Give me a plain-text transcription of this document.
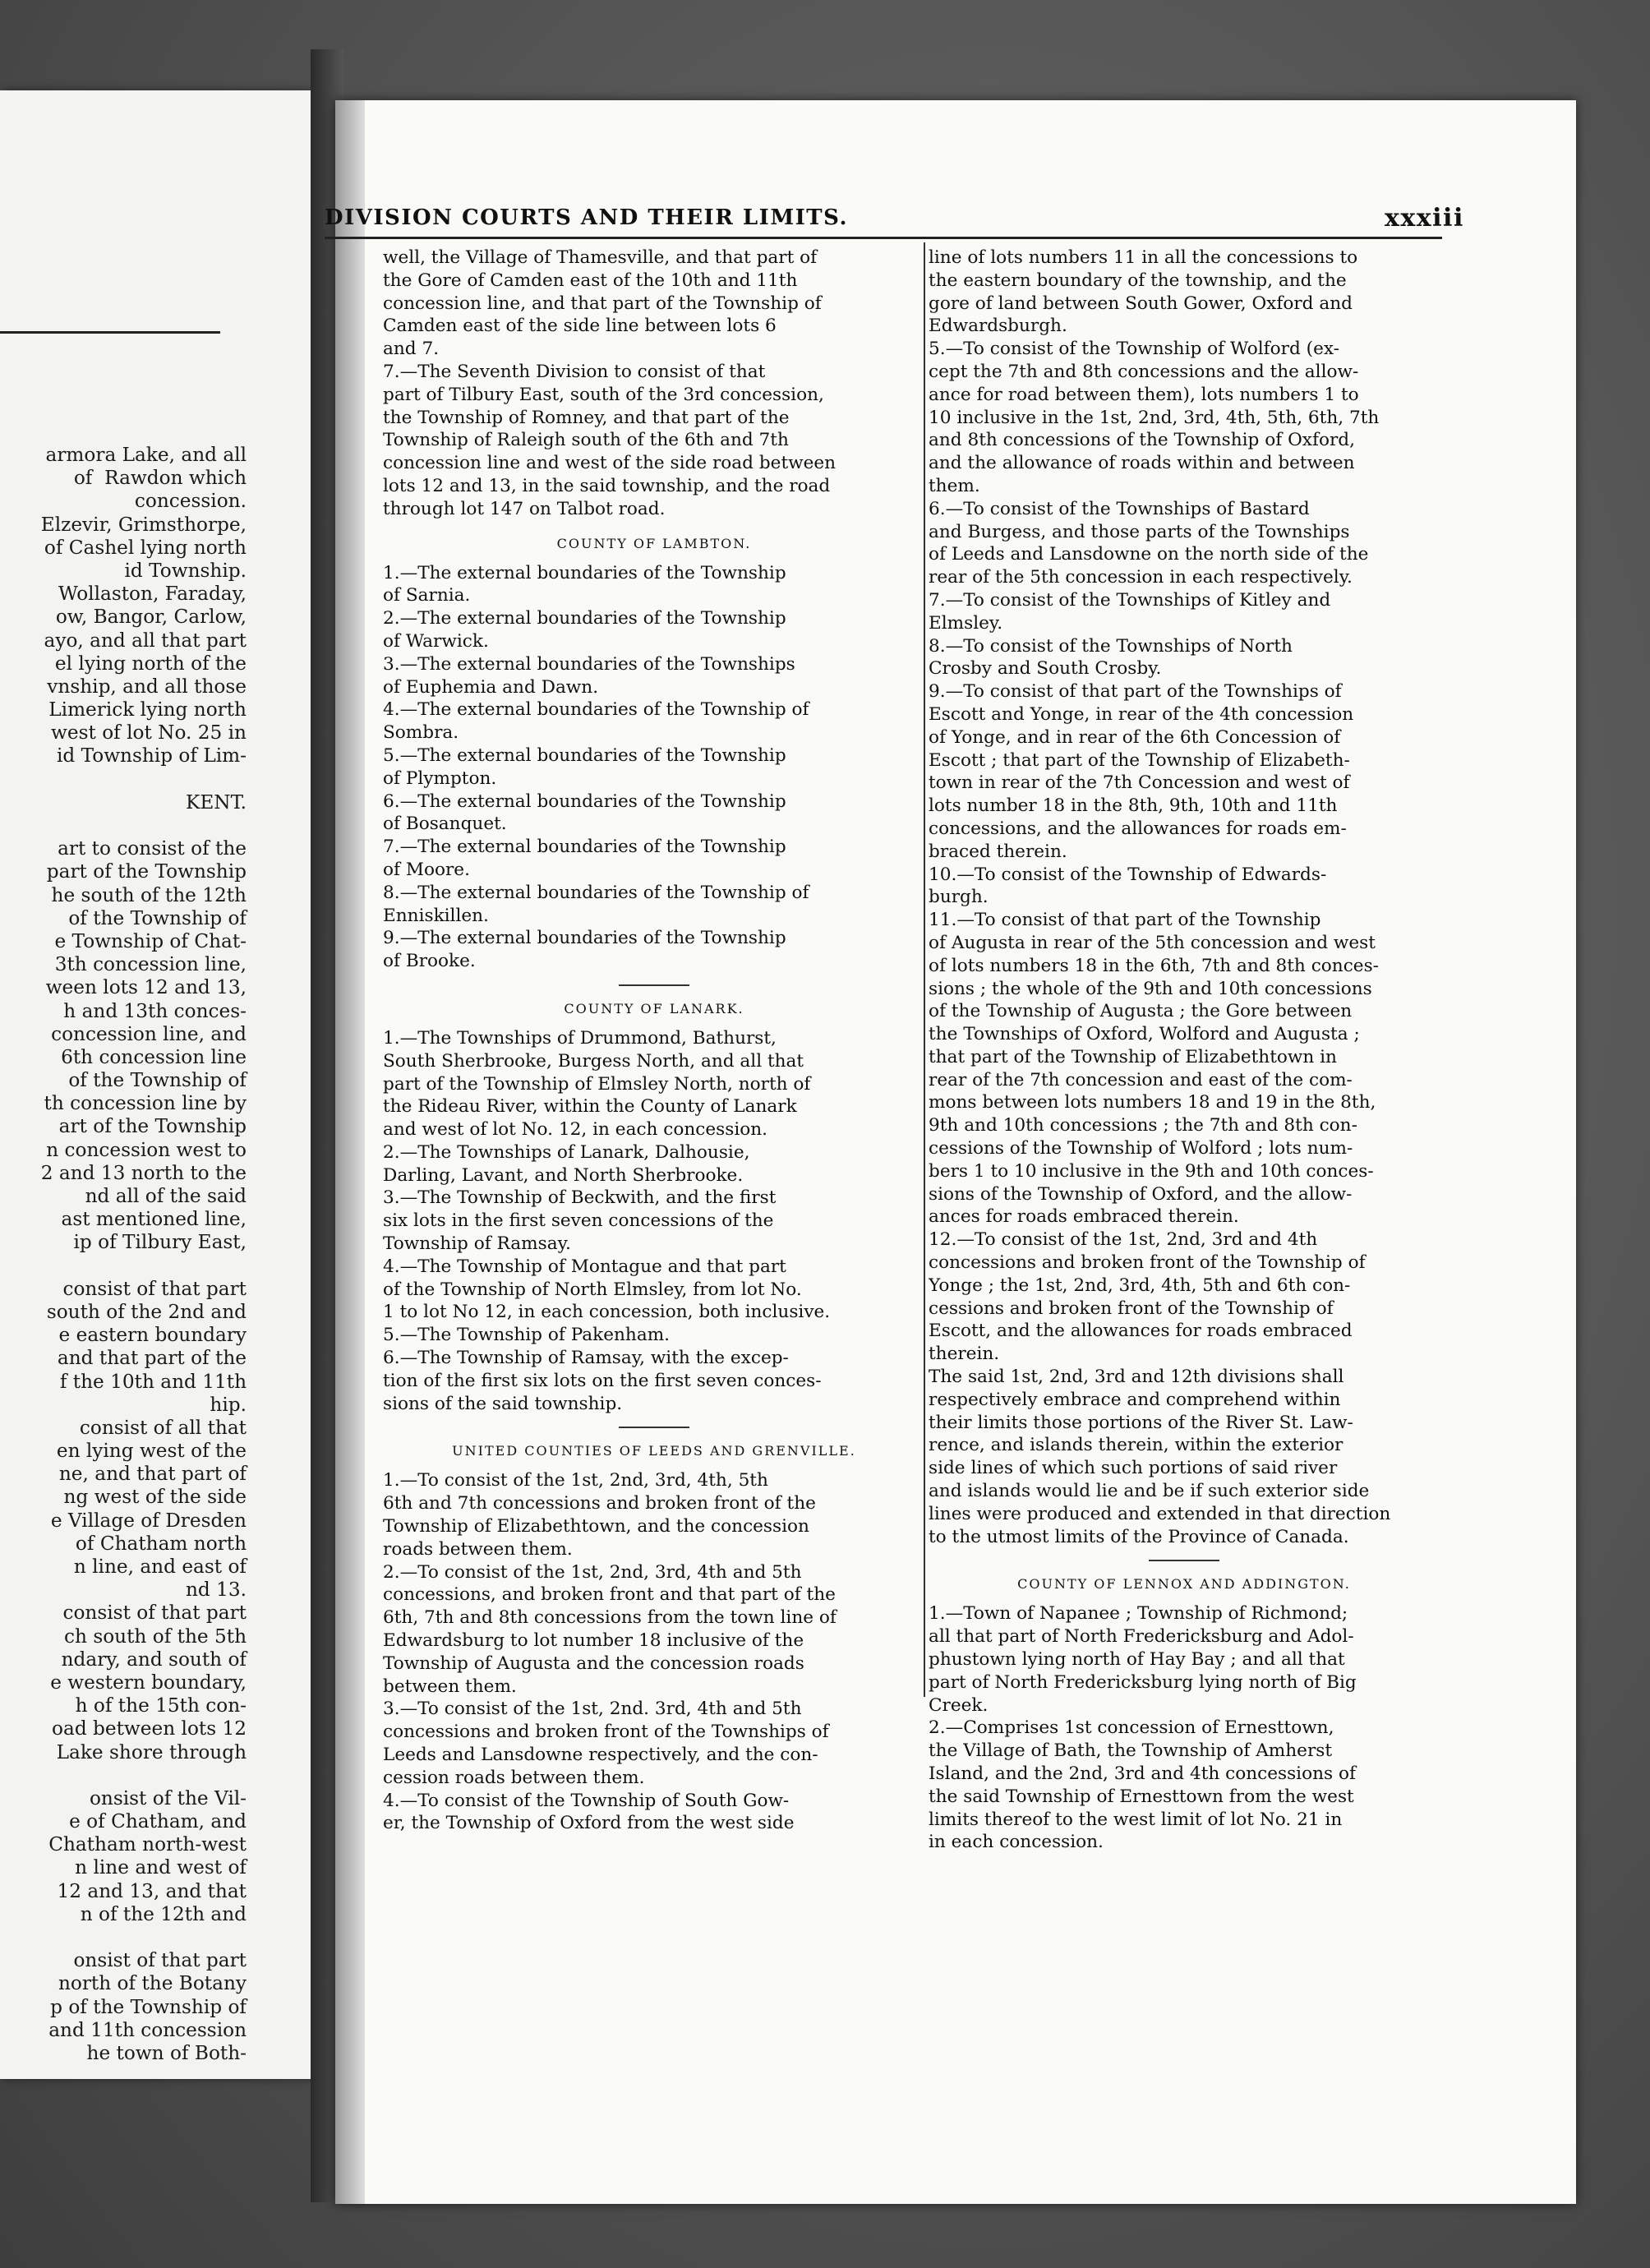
armora Lake, and all
of  Rawdon which
concession.
Elzevir, Grimsthorpe,
of Cashel lying north
id Township.
Wollaston, Faraday,
ow, Bangor, Carlow,
ayo, and all that part
el lying north of the
vnship, and all those
Limerick lying north
west of lot No. 25 in
id Township of Lim-
KENT.
art to consist of the
part of the Township
he south of the 12th
of the Township of
e Township of Chat-
3th concession line,
ween lots 12 and 13,
h and 13th conces-
concession line, and
6th concession line
of the Township of
th concession line by
art of the Township
n concession west to
2 and 13 north to the
nd all of the said
ast mentioned line,
ip of Tilbury East,
consist of that part
south of the 2nd and
e eastern boundary
and that part of the
f the 10th and 11th
hip.
consist of all that
en lying west of the
ne, and that part of
ng west of the side
e Village of Dresden
of Chatham north
n line, and east of
nd 13.
consist of that part
ch south of the 5th
ndary, and south of
e western boundary,
h of the 15th con-
oad between lots 12
Lake shore through
onsist of the Vil-
e of Chatham, and
Chatham north-west
n line and west of
12 and 13, and that
n of the 12th and
onsist of that part
north of the Botany
p of the Township of
and 11th concession
he town of Both-
DIVISION COURTS AND THEIR LIMITS.	xxxiii
well, the Village of Thamesville, and that part of
the Gore of Camden east of the 10th and 11th
concession line, and that part of the Township of
Camden east of the side line between lots 6
and 7.
7.—The Seventh Division to consist of that
part of Tilbury East, south of the 3rd concession,
the Township of Romney, and that part of the
Township of Raleigh south of the 6th and 7th
concession line and west of the side road between
lots 12 and 13, in the said township, and the road
through lot 147 on Talbot road.
COUNTY OF LAMBTON.
1.—The external boundaries of the Township
of Sarnia.
2.—The external boundaries of the Township
of Warwick.
3.—The external boundaries of the Townships
of Euphemia and Dawn.
4.—The external boundaries of the Township of
Sombra.
5.—The external boundaries of the Township
of Plympton.
6.—The external boundaries of the Township
of Bosanquet.
7.—The external boundaries of the Township
of Moore.
8.—The external boundaries of the Township of
Enniskillen.
9.—The external boundaries of the Township
of Brooke.
COUNTY OF LANARK.
1.—The Townships of Drummond, Bathurst,
South Sherbrooke, Burgess North, and all that
part of the Township of Elmsley North, north of
the Rideau River, within the County of Lanark
and west of lot No. 12, in each concession.
2.—The Townships of Lanark, Dalhousie,
Darling, Lavant, and North Sherbrooke.
3.—The Township of Beckwith, and the first
six lots in the first seven concessions of the
Township of Ramsay.
4.—The Township of Montague and that part
of the Township of North Elmsley, from lot No.
1 to lot No 12, in each concession, both inclusive.
5.—The Township of Pakenham.
6.—The Township of Ramsay, with the excep-
tion of the first six lots on the first seven conces-
sions of the said township.
UNITED COUNTIES OF LEEDS AND GRENVILLE.
1.—To consist of the 1st, 2nd, 3rd, 4th, 5th
6th and 7th concessions and broken front of the
Township of Elizabethtown, and the concession
roads between them.
2.—To consist of the 1st, 2nd, 3rd, 4th and 5th
concessions, and broken front and that part of the
6th, 7th and 8th concessions from the town line of
Edwardsburg to lot number 18 inclusive of the
Township of Augusta and the concession roads
between them.
3.—To consist of the 1st, 2nd. 3rd, 4th and 5th
concessions and broken front of the Townships of
Leeds and Lansdowne respectively, and the con-
cession roads between them.
4.—To consist of the Township of South Gow-
er, the Township of Oxford from the west side
line of lots numbers 11 in all the concessions to
the eastern boundary of the township, and the
gore of land between South Gower, Oxford and
Edwardsburgh.
5.—To consist of the Township of Wolford (ex-
cept the 7th and 8th concessions and the allow-
ance for road between them), lots numbers 1 to
10 inclusive in the 1st, 2nd, 3rd, 4th, 5th, 6th, 7th
and 8th concessions of the Township of Oxford,
and the allowance of roads within and between
them.
6.—To consist of the Townships of Bastard
and Burgess, and those parts of the Townships
of Leeds and Lansdowne on the north side of the
rear of the 5th concession in each respectively.
7.—To consist of the Townships of Kitley and
Elmsley.
8.—To consist of the Townships of North
Crosby and South Crosby.
9.—To consist of that part of the Townships of
Escott and Yonge, in rear of the 4th concession
of Yonge, and in rear of the 6th Concession of
Escott ; that part of the Township of Elizabeth-
town in rear of the 7th Concession and west of
lots number 18 in the 8th, 9th, 10th and 11th
concessions, and the allowances for roads em-
braced therein.
10.—To consist of the Township of Edwards-
burgh.
11.—To consist of that part of the Township
of Augusta in rear of the 5th concession and west
of lots numbers 18 in the 6th, 7th and 8th conces-
sions ; the whole of the 9th and 10th concessions
of the Township of Augusta ; the Gore between
the Townships of Oxford, Wolford and Augusta ;
that part of the Township of Elizabethtown in
rear of the 7th concession and east of the com-
mons between lots numbers 18 and 19 in the 8th,
9th and 10th concessions ; the 7th and 8th con-
cessions of the Township of Wolford ; lots num-
bers 1 to 10 inclusive in the 9th and 10th conces-
sions of the Township of Oxford, and the allow-
ances for roads embraced therein.
12.—To consist of the 1st, 2nd, 3rd and 4th
concessions and broken front of the Township of
Yonge ; the 1st, 2nd, 3rd, 4th, 5th and 6th con-
cessions and broken front of the Township of
Escott, and the allowances for roads embraced
therein.
The said 1st, 2nd, 3rd and 12th divisions shall
respectively embrace and comprehend within
their limits those portions of the River St. Law-
rence, and islands therein, within the exterior
side lines of which such portions of said river
and islands would lie and be if such exterior side
lines were produced and extended in that direction
to the utmost limits of the Province of Canada.
COUNTY OF LENNOX AND ADDINGTON.
1.—Town of Napanee ; Township of Richmond;
all that part of North Fredericksburg and Adol-
phustown lying north of Hay Bay ; and all that
part of North Fredericksburg lying north of Big
Creek.
2.—Comprises 1st concession of Ernesttown,
the Village of Bath, the Township of Amherst
Island, and the 2nd, 3rd and 4th concessions of
the said Township of Ernesttown from the west
limits thereof to the west limit of lot No. 21 in
in each concession.
